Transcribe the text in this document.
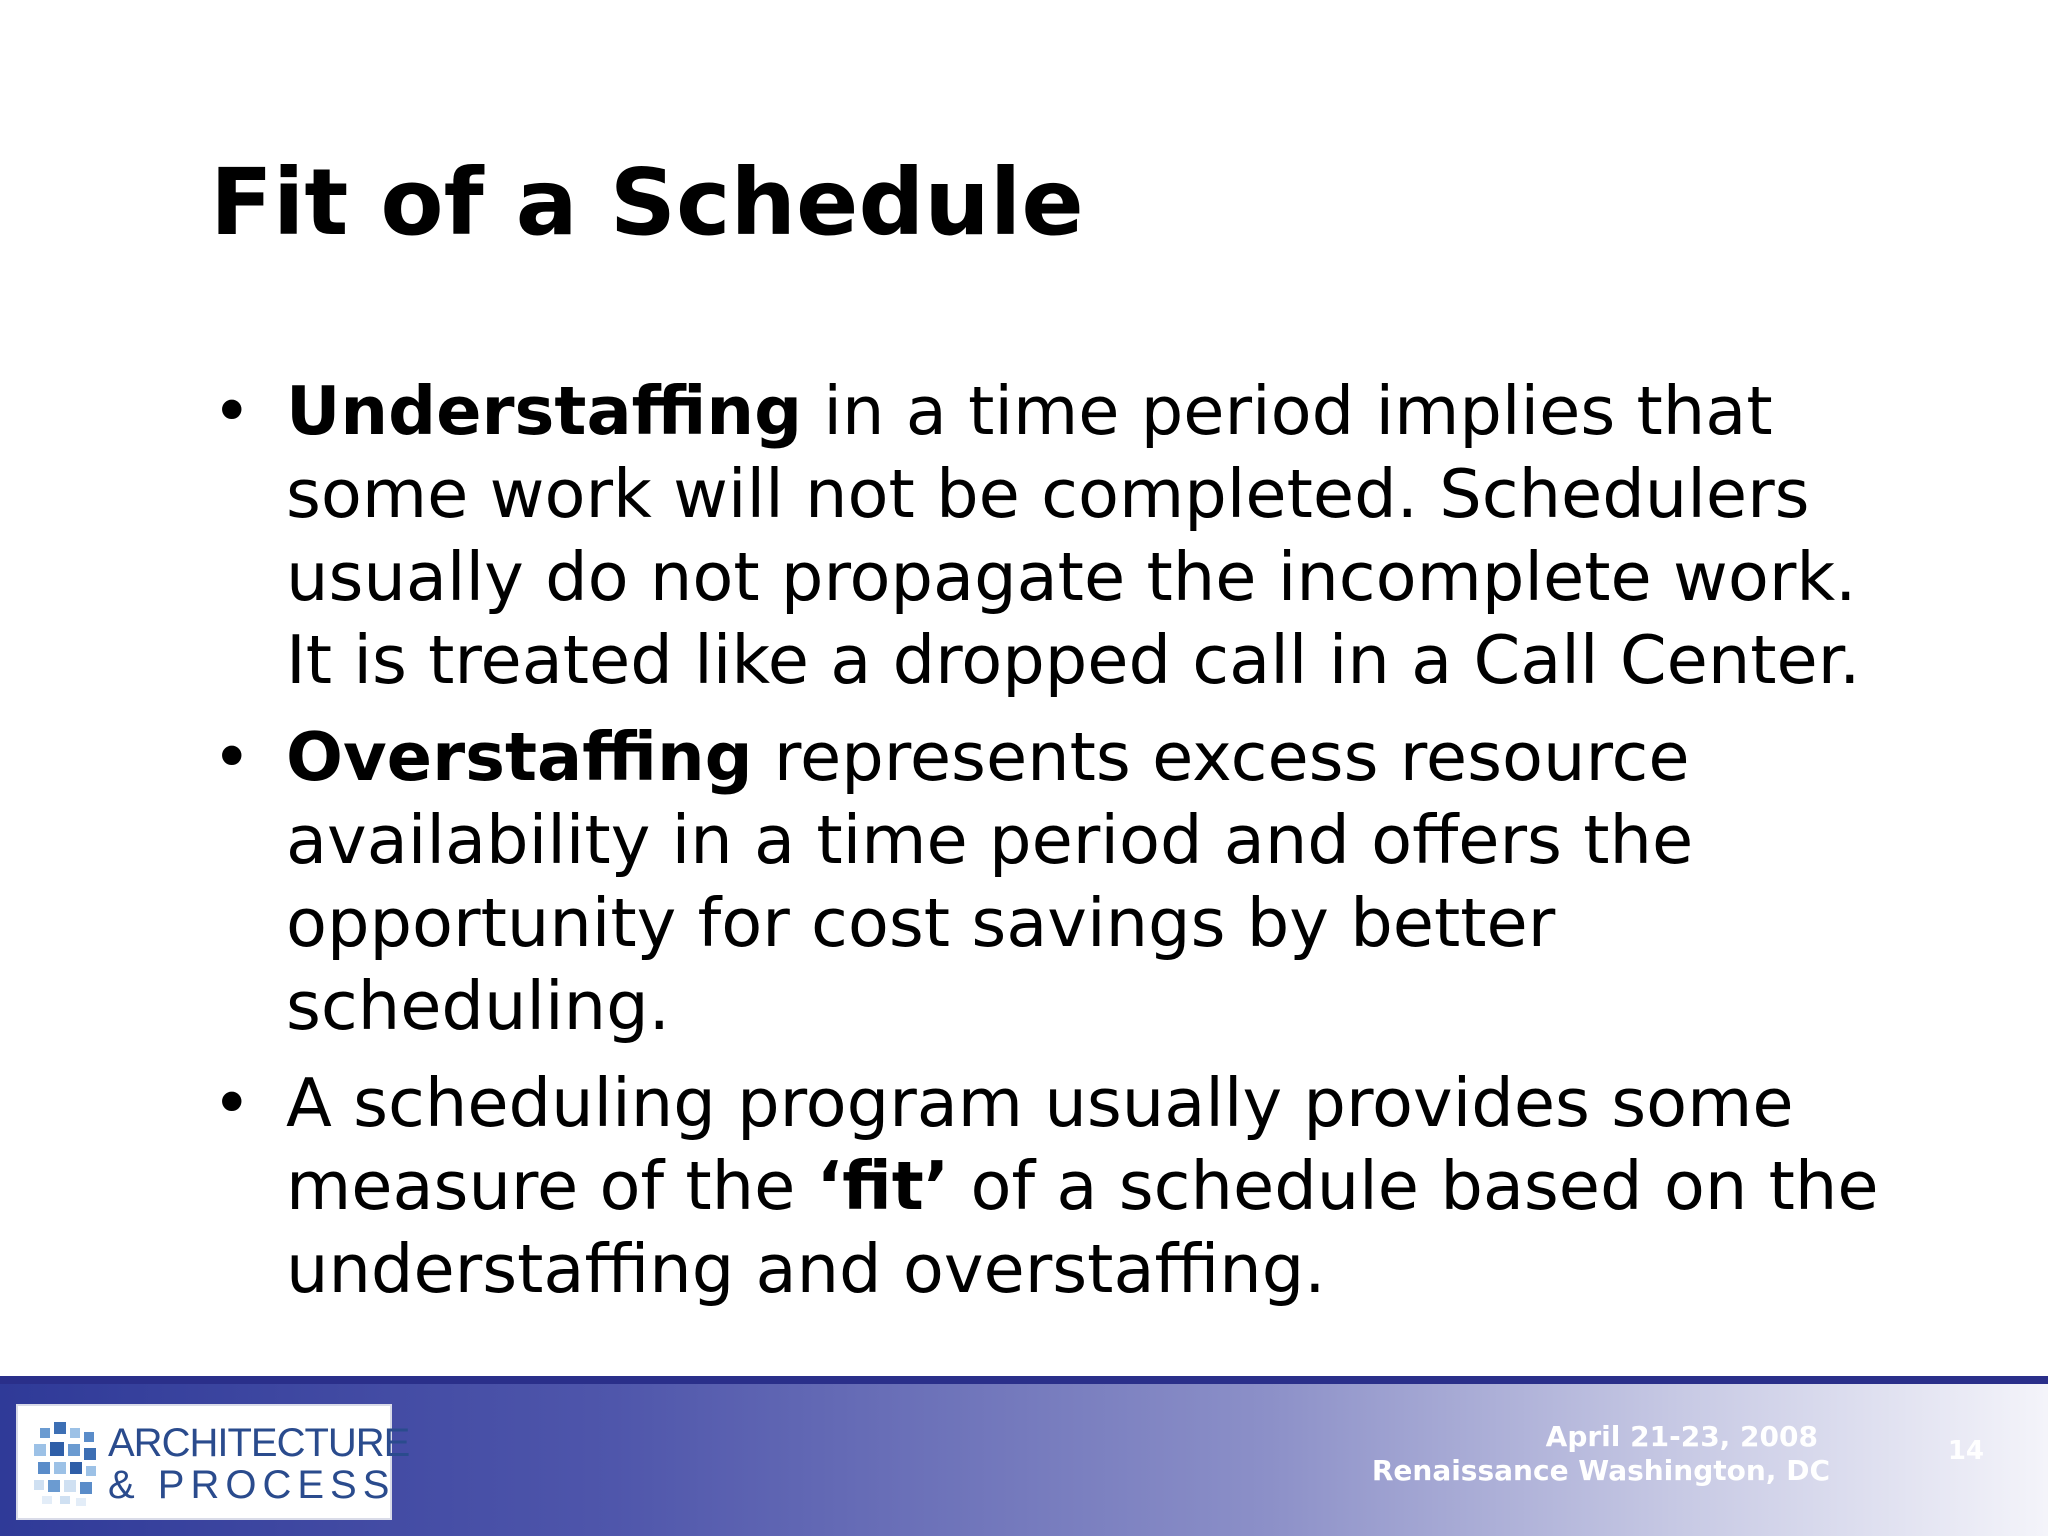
Fit of a Schedule
• Understaffing in a time period implies that some work will not be completed. Schedulers usually do not propagate the incomplete work. It is treated like a dropped call in a Call Center.
• Overstaffing represents excess resource availability in a time period and offers the opportunity for cost savings by better scheduling.
• A scheduling program usually provides some measure of the ‘fit’ of a schedule based on the understaffing and overstaffing.
ARCHITECTURE
& PROCESS
April 21-23, 2008
Renaissance Washington, DC
14
